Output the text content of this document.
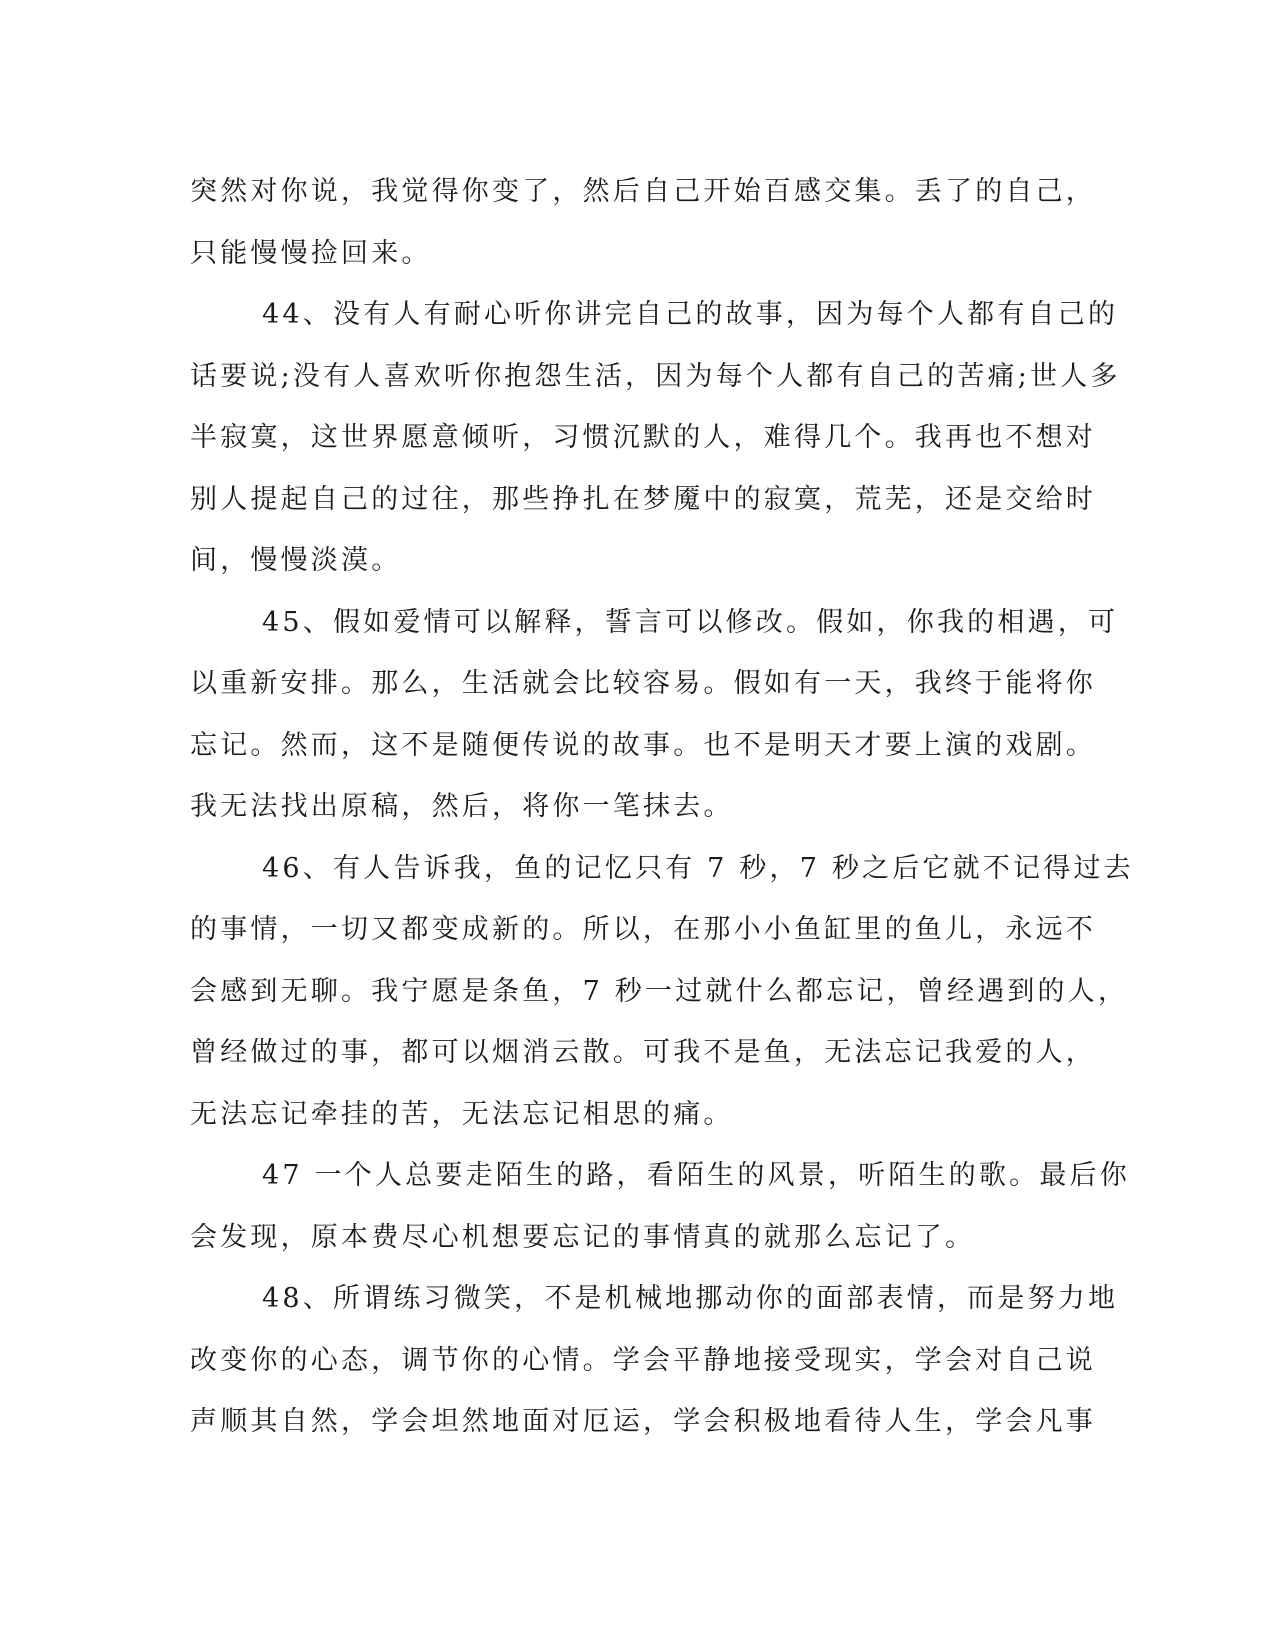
突然对你说，我觉得你变了，然后自己开始百感交集。丢了的自己，
只能慢慢捡回来。
44、没有人有耐心听你讲完自己的故事，因为每个人都有自己的
话要说;没有人喜欢听你抱怨生活，因为每个人都有自己的苦痛;世人多
半寂寞，这世界愿意倾听，习惯沉默的人，难得几个。我再也不想对
别人提起自己的过往，那些挣扎在梦魇中的寂寞，荒芜，还是交给时
间，慢慢淡漠。
45、假如爱情可以解释，誓言可以修改。假如，你我的相遇，可
以重新安排。那么，生活就会比较容易。假如有一天，我终于能将你
忘记。然而，这不是随便传说的故事。也不是明天才要上演的戏剧。
我无法找出原稿，然后，将你一笔抹去。
46、有人告诉我，鱼的记忆只有 7 秒，7 秒之后它就不记得过去
的事情，一切又都变成新的。所以，在那小小鱼缸里的鱼儿，永远不
会感到无聊。我宁愿是条鱼，7 秒一过就什么都忘记，曾经遇到的人，
曾经做过的事，都可以烟消云散。可我不是鱼，无法忘记我爱的人，
无法忘记牵挂的苦，无法忘记相思的痛。
47 一个人总要走陌生的路，看陌生的风景，听陌生的歌。最后你
会发现，原本费尽心机想要忘记的事情真的就那么忘记了。
48、所谓练习微笑，不是机械地挪动你的面部表情，而是努力地
改变你的心态，调节你的心情。学会平静地接受现实，学会对自己说
声顺其自然，学会坦然地面对厄运，学会积极地看待人生，学会凡事
